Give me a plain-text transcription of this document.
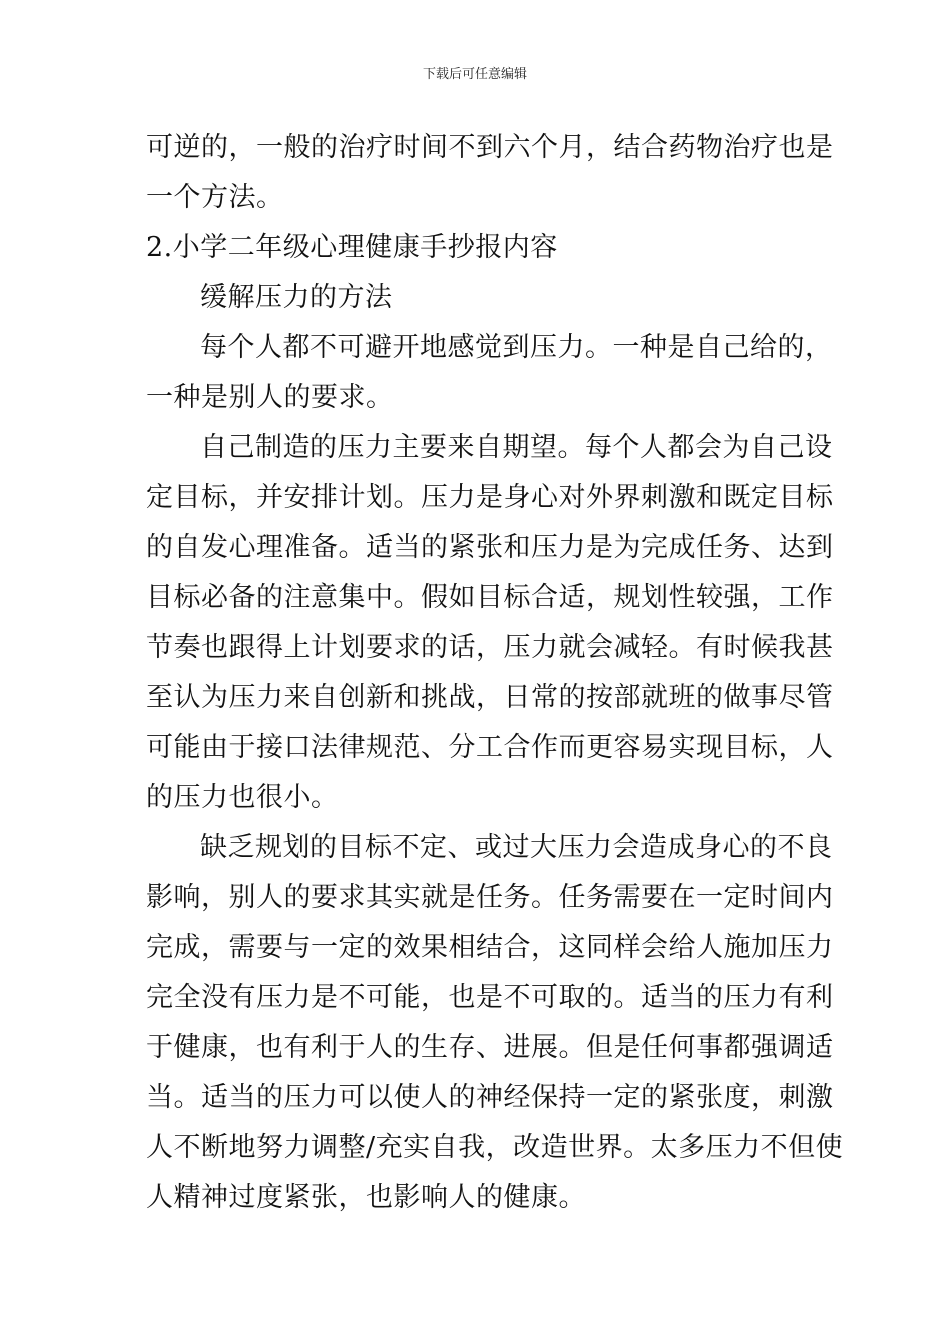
下载后可任意编辑
可逆的，一般的治疗时间不到六个月，结合药物治疗也是
一个方法。
2.小学二年级心理健康手抄报内容
缓解压力的方法
每个人都不可避开地感觉到压力。一种是自己给的，
一种是别人的要求。
自己制造的压力主要来自期望。每个人都会为自己设
定目标，并安排计划。压力是身心对外界刺激和既定目标
的自发心理准备。适当的紧张和压力是为完成任务、达到
目标必备的注意集中。假如目标合适，规划性较强，工作
节奏也跟得上计划要求的话，压力就会减轻。有时候我甚
至认为压力来自创新和挑战，日常的按部就班的做事尽管
可能由于接口法律规范、分工合作而更容易实现目标，人
的压力也很小。
缺乏规划的目标不定、或过大压力会造成身心的不良
影响，别人的要求其实就是任务。任务需要在一定时间内
完成，需要与一定的效果相结合，这同样会给人施加压力
完全没有压力是不可能，也是不可取的。适当的压力有利
于健康，也有利于人的生存、进展。但是任何事都强调适
当。适当的压力可以使人的神经保持一定的紧张度，刺激
人不断地努力调整/充实自我，改造世界。太多压力不但使
人精神过度紧张，也影响人的健康。
